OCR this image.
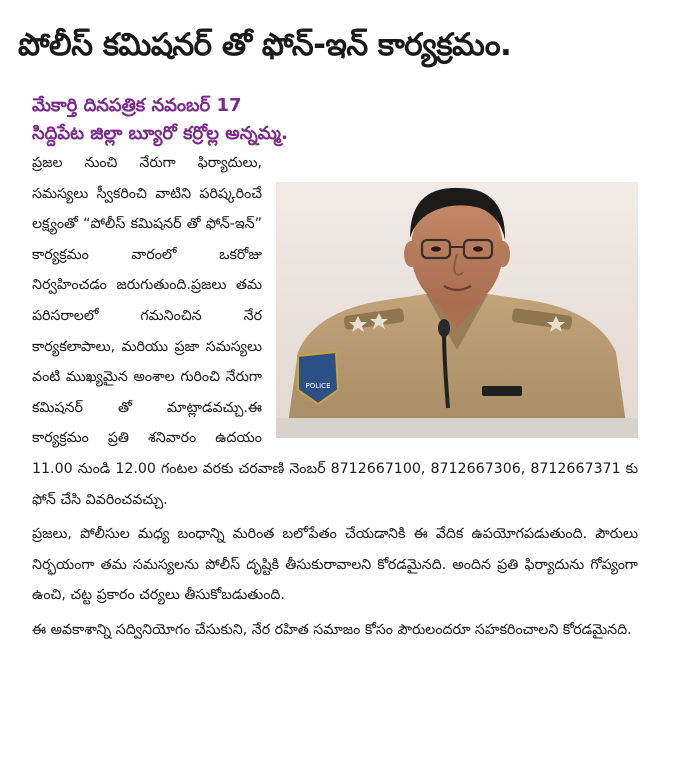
పోలీస్ కమిషనర్ తో ఫోన్-ఇన్ కార్యక్రమం.
మేకార్తి దినపత్రిక నవంబర్ 17
సిద్దిపేట జిల్లా బ్యూరో కర్రోల్ల అన్నమ్మ.
POLICE

ప్రజల నుంచి నేరుగా ఫిర్యాదులు, సమస్యలు స్వీకరించి వాటిని పరిష్కరించే లక్ష్యంతో “పోలీస్ కమిషనర్ తో ఫోన్-ఇన్” కార్యక్రమం వారంలో ఒకరోజు నిర్వహించడం జరుగుతుంది.ప్రజలు తమ పరిసరాలలో గమనించిన నేర కార్యకలాపాలు, మరియు ప్రజా సమస్యలు వంటి ముఖ్యమైన అంశాల గురించి నేరుగా కమిషనర్ తో మాట్లాడవచ్చు.ఈ కార్యక్రమం ప్రతి శనివారం ఉదయం 11.00 నుండి 12.00 గంటల వరకు చరవాణి నెంబర్ 8712667100, 8712667306, 8712667371 కు ఫోన్ చేసి వివరించవచ్చు.

ప్రజలు, పోలీసుల మధ్య బంధాన్ని మరింత బలోపేతం చేయడానికి ఈ వేదిక ఉపయోగపడుతుంది. పౌరులు నిర్భయంగా తమ సమస్యలను పోలీస్ దృష్టికి తీసుకురావాలని కోరడమైనది. అందిన ప్రతి ఫిర్యాదును గోప్యంగా ఉంచి, చట్ట ప్రకారం చర్యలు తీసుకోబడుతుంది.

ఈ అవకాశాన్ని సద్వినియోగం చేసుకుని, నేర రహిత సమాజం కోసం పౌరులందరూ సహకరించాలని కోరడమైనది.
